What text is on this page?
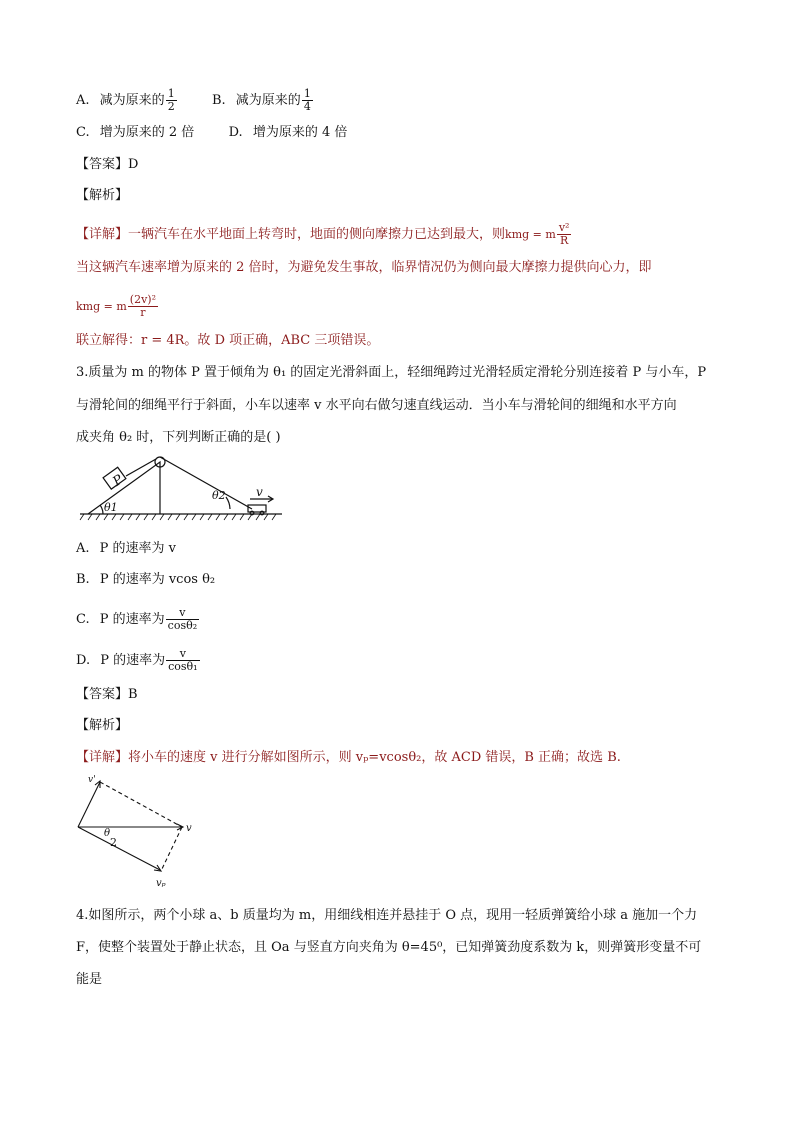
A. 减为原来的 $\frac{1}{2}$	B. 减为原来的 $\frac{1}{4}$
C. 增为原来的 2 倍	D. 增为原来的 4 倍
【答案】D
【解析】
【详解】一辆汽车在水平地面上转弯时，地面的侧向摩擦力已达到最大，则kmg = m $\frac{\text{v²}}{R}$
当这辆汽车速率增为原来的 2 倍时，为避免发生事故，临界情况仍为侧向最大摩擦力提供向心力，即
kmg = m $\frac{\text{(2v)²}}{r}$
联立解得：r = 4R。故 D 项正确，ABC 三项错误。
3.质量为 m 的物体 P 置于倾角为 θ₁ 的固定光滑斜面上，轻细绳跨过光滑轻质定滑轮分别连接着 P 与小车，P
与滑轮间的细绳平行于斜面，小车以速率 v 水平向右做匀速直线运动．当小车与滑轮间的细绳和水平方向
成夹角 θ₂ 时，下列判断正确的是( )
P
θ1
θ2	v
A. P 的速率为 v
B. P 的速率为 vcos θ₂
C. P 的速率为 $\frac{v}{\text{cosθ₂}}$
D. P 的速率为 $\frac{v}{\text{cosθ₁}}$
【答案】B
【解析】
【详解】将小车的速度 v 进行分解如图所示，则 vₚ=vcosθ₂，故 ACD 错误，B 正确；故选 B.
v'
v
θ
2
vₚ
4.如图所示，两个小球 a、b 质量均为 m，用细线相连并悬挂于 O 点，现用一轻质弹簧给小球 a 施加一个力
F，使整个装置处于静止状态，且 Oa 与竖直方向夹角为 θ=45⁰，已知弹簧劲度系数为 k，则弹簧形变量不可
能是
